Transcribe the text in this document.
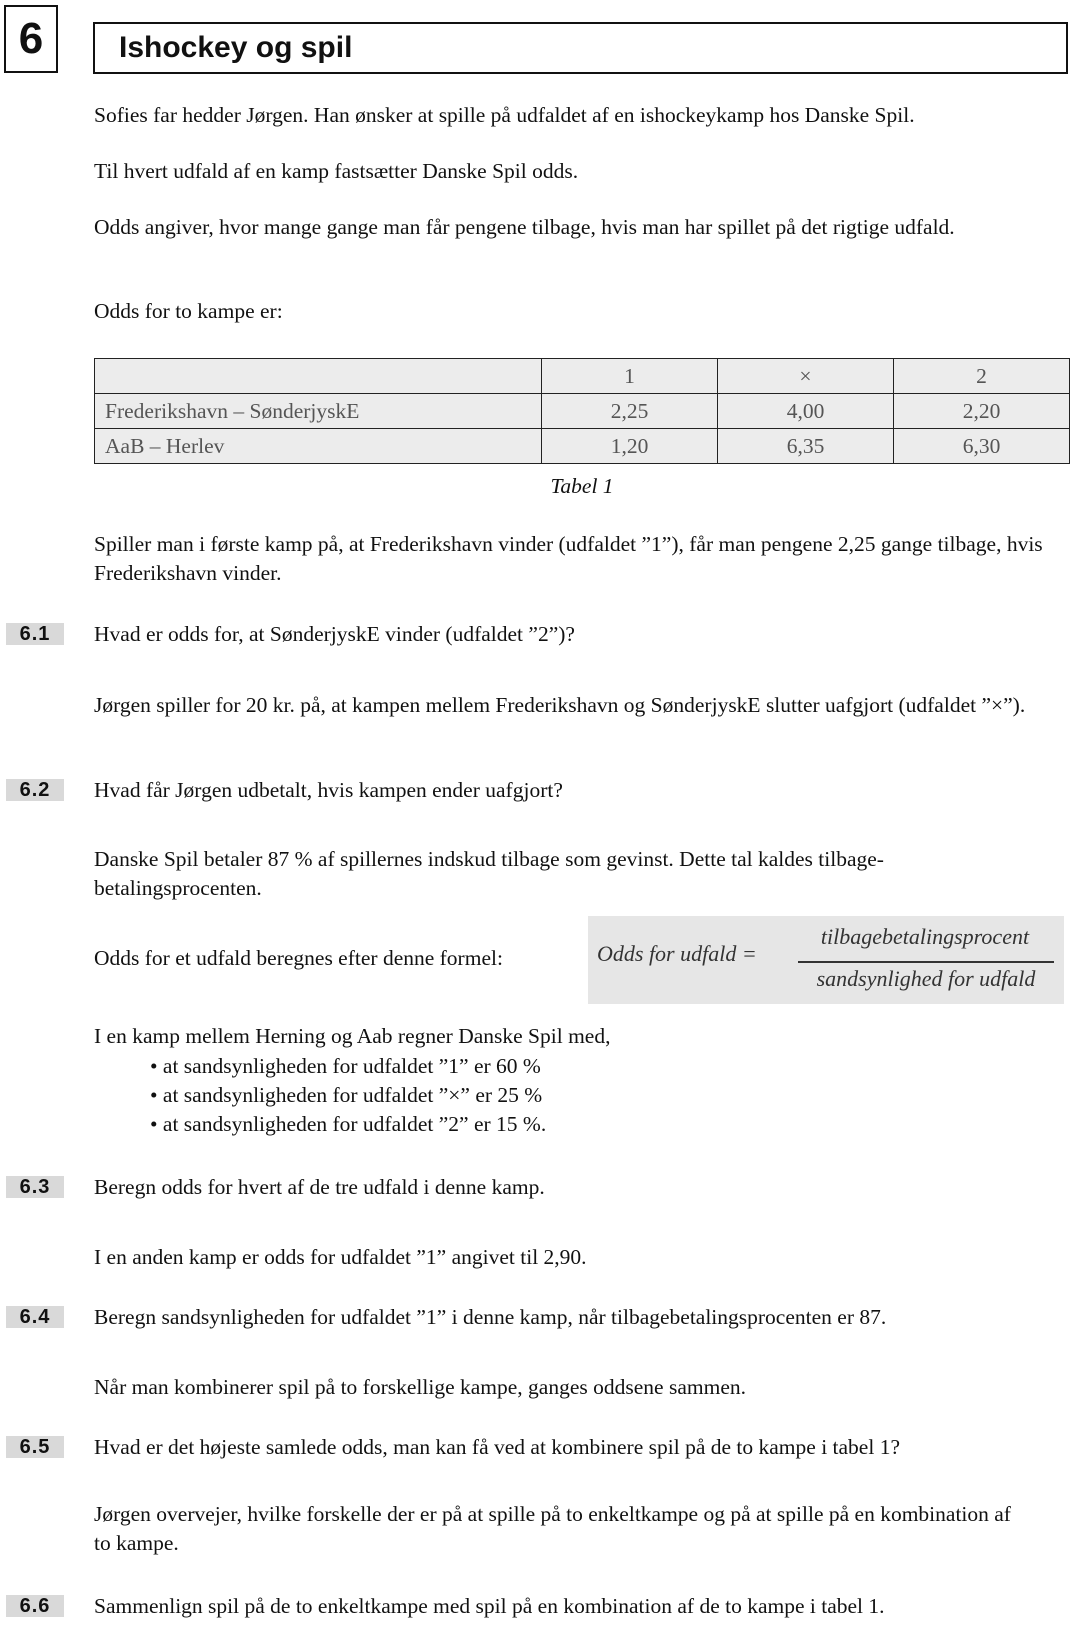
6	Ishockey og spil

Sofies far hedder Jørgen. Han ønsker at spille på udfaldet af en ishockeykamp hos Danske Spil.

Til hvert udfald af en kamp fastsætter Danske Spil odds.

Odds angiver, hvor mange gange man får pengene tilbage, hvis man har spillet på det rigtige udfald.

Odds for to kampe er:

	1	×	2
Frederikshavn – SønderjyskE	2,25	4,00	2,20
AaB – Herlev	1,20	6,35	6,30
Tabel 1

Spiller man i første kamp på, at Frederikshavn vinder (udfaldet ”1”), får man pengene 2,25 gange tilbage, hvis Frederikshavn vinder.

6.1	Hvad er odds for, at SønderjyskE vinder (udfaldet ”2”)?

Jørgen spiller for 20 kr. på, at kampen mellem Frederikshavn og SønderjyskE slutter uafgjort (udfaldet ”×”).

6.2	Hvad får Jørgen udbetalt, hvis kampen ender uafgjort?

Danske Spil betaler 87 % af spillernes indskud tilbage som gevinst. Dette tal kaldes tilbagebetalingsprocenten.

Odds for et udfald beregnes efter denne formel:	Odds for udfald =
tilbagebetalingsprocent
sandsynlighed for udfald

I en kamp mellem Herning og Aab regner Danske Spil med,

• at sandsynligheden for udfaldet ”1” er 60 %
• at sandsynligheden for udfaldet ”×” er 25 %
• at sandsynligheden for udfaldet ”2” er 15 %.
6.3	Beregn odds for hvert af de tre udfald i denne kamp.

I en anden kamp er odds for udfaldet ”1” angivet til 2,90.

6.4	Beregn sandsynligheden for udfaldet ”1” i denne kamp, når tilbagebetalingsprocenten er 87.

Når man kombinerer spil på to forskellige kampe, ganges oddsene sammen.

6.5	Hvad er det højeste samlede odds, man kan få ved at kombinere spil på de to kampe i tabel 1?

Jørgen overvejer, hvilke forskelle der er på at spille på to enkeltkampe og på at spille på en kombination af to kampe.

6.6	Sammenlign spil på de to enkeltkampe med spil på en kombination af de to kampe i tabel 1.
